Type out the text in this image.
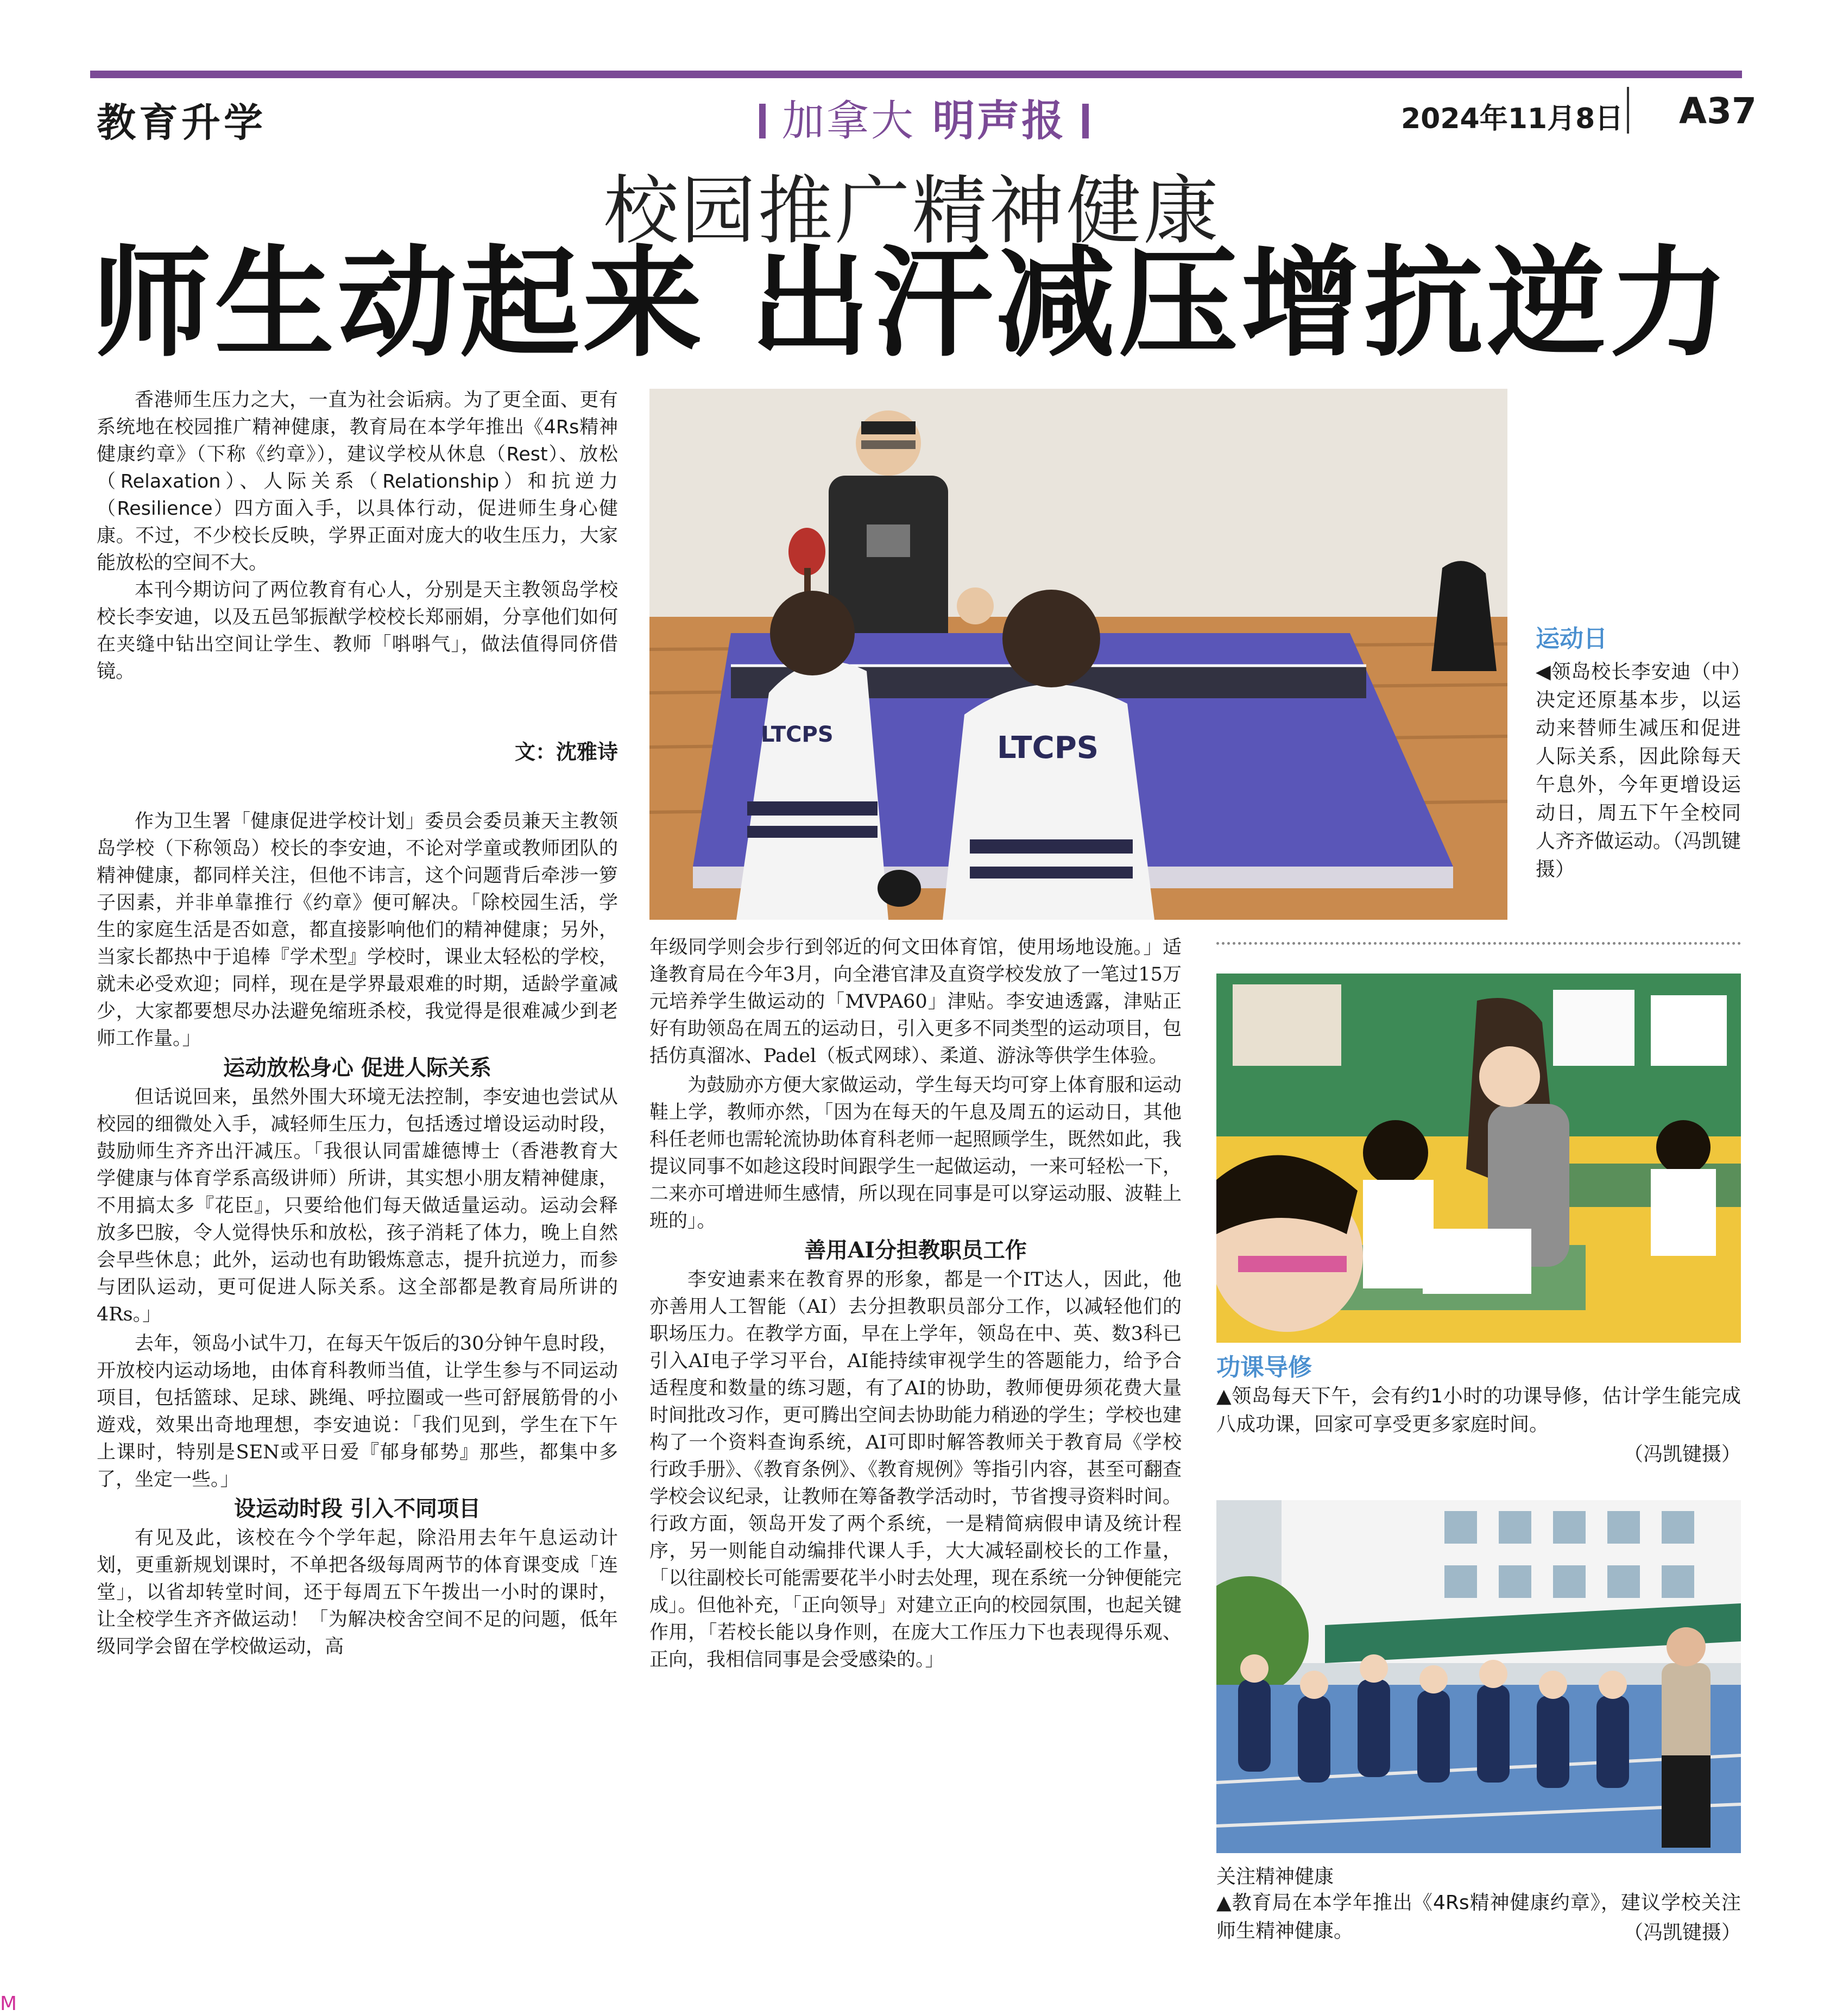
教育升学	加拿大 明声报	2024年11月8日 A37
校园推广精神健康
师生动起来 出汗减压增抗逆力

香港师生压力之大，一直为社会诟病。为了更全面、更有系统地在校园推广精神健康，教育局在本学年推出《4Rs精神健康约章》（下称《约章》），建议学校从休息（Rest）、放松（Relaxation）、人际关系（Relationship）和抗逆力（Resilience）四方面入手，以具体行动，促进师生身心健康。不过，不少校长反映，学界正面对庞大的收生压力，大家能放松的空间不大。

本刊今期访问了两位教育有心人，分别是天主教领岛学校校长李安迪，以及五邑邹振猷学校校长郑丽娟，分享他们如何在夹缝中钻出空间让学生、教师「唞唞气」，做法值得同侪借镜。

文：沈雅诗

作为卫生署「健康促进学校计划」委员会委员兼天主教领岛学校（下称领岛）校长的李安迪，不论对学童或教师团队的精神健康，都同样关注，但他不讳言，这个问题背后牵涉一箩子因素，并非单靠推行《约章》便可解决。「除校园生活，学生的家庭生活是否如意，都直接影响他们的精神健康；另外，当家长都热中于追棒『学术型』学校时，课业太轻松的学校，就未必受欢迎；同样，现在是学界最艰难的时期，适龄学童减少，大家都要想尽办法避免缩班杀校，我觉得是很难减少到老师工作量。」

运动放松身心 促进人际关系

但话说回来，虽然外围大环境无法控制，李安迪也尝试从校园的细微处入手，减轻师生压力，包括透过增设运动时段，鼓励师生齐齐出汗减压。「我很认同雷雄德博士（香港教育大学健康与体育学系高级讲师）所讲，其实想小朋友精神健康，不用搞太多『花臣』，只要给他们每天做适量运动。运动会释放多巴胺，令人觉得快乐和放松，孩子消耗了体力，晚上自然会早些休息；此外，运动也有助锻炼意志，提升抗逆力，而参与团队运动，更可促进人际关系。这全部都是教育局所讲的4Rs。」

去年，领岛小试牛刀，在每天午饭后的30分钟午息时段，开放校内运动场地，由体育科教师当值，让学生参与不同运动项目，包括篮球、足球、跳绳、呼拉圈或一些可舒展筋骨的小遊戏，效果出奇地理想，李安迪说：「我们见到，学生在下午上课时，特别是SEN或平日爱『郁身郁势』那些，都集中多了，坐定一些。」

设运动时段 引入不同项目

有见及此，该校在今个学年起，除沿用去年午息运动计划，更重新规划课时，不单把各级每周两节的体育课变成「连堂」，以省却转堂时间，还于每周五下午拨出一小时的课时，让全校学生齐齐做运动！「为解决校舍空间不足的问题，低年级同学会留在学校做运动，高

年级同学则会步行到邻近的何文田体育馆，使用场地设施。」适逢教育局在今年3月，向全港官津及直资学校发放了一笔过15万元培养学生做运动的「MVPA60」津贴。李安迪透露，津贴正好有助领岛在周五的运动日，引入更多不同类型的运动项目，包括仿真溜冰、Padel（板式网球）、柔道、游泳等供学生体验。

为鼓励亦方便大家做运动，学生每天均可穿上体育服和运动鞋上学，教师亦然，「因为在每天的午息及周五的运动日，其他科任老师也需轮流协助体育科老师一起照顾学生，既然如此，我提议同事不如趁这段时间跟学生一起做运动，一来可轻松一下，二来亦可增进师生感情，所以现在同事是可以穿运动服、波鞋上班的」。

善用AI分担教职员工作

李安迪素来在教育界的形象，都是一个IT达人，因此，他亦善用人工智能（AI）去分担教职员部分工作，以减轻他们的职场压力。在教学方面，早在上学年，领岛在中、英、数3科已引入AI电子学习平台，AI能持续审视学生的答题能力，给予合适程度和数量的练习题，有了AI的协助，教师便毋须花费大量时间批改习作，更可腾出空间去协助能力稍逊的学生；学校也建构了一个资料查询系统，AI可即时解答教师关于教育局《学校行政手册》、《教育条例》、《教育规例》等指引内容，甚至可翻查学校会议纪录，让教师在筹备教学活动时，节省搜寻资料时间。行政方面，领岛开发了两个系统，一是精简病假申请及统计程序，另一则能自动编排代课人手，大大减轻副校长的工作量，「以往副校长可能需要花半小时去处理，现在系统一分钟便能完成」。但他补充，「正向领导」对建立正向的校园氛围，也起关键作用，「若校长能以身作则，在庞大工作压力下也表现得乐观、正向，我相信同事是会受感染的。」

LTCPS
LTCPS
运动日
◀领岛校长李安迪（中）决定还原基本步，以运动来替师生减压和促进人际关系，因此除每天午息外，今年更增设运动日，周五下午全校同人齐齐做运动。（冯凯键摄）
功课导修
▲领岛每天下午，会有约1小时的功课导修，估计学生能完成八成功课，回家可享受更多家庭时间。
（冯凯键摄）
关注精神健康
▲教育局在本学年推出《4Rs精神健康约章》，建议学校关注师生精神健康。	（冯凯键摄）
M
